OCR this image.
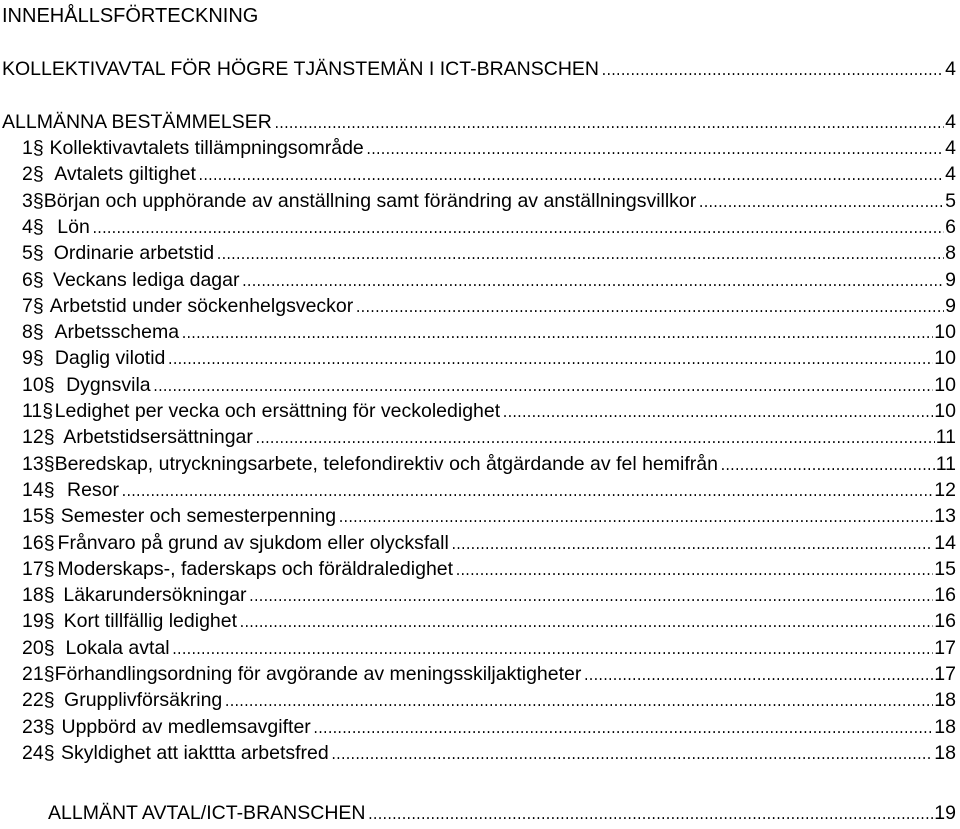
INNEHÅLLSFÖRTECKNING
KOLLEKTIVAVTAL FÖR HÖGRE TJÄNSTEMÄN I ICT-BRANSCHEN .....	4
ALLMÄNNA BESTÄMMELSER .....	4
1 § Kollektivavtalets tillämpningsområde .....	4
2 § Avtalets giltighet .....	4
3 § Början och upphörande av anställning samt förändring av anställningsvillkor .....	5
4 § Lön .....	6
5 § Ordinarie arbetstid .....	8
6 § Veckans lediga dagar .....	9
7 § Arbetstid under söckenhelgsveckor .....	9
8 § Arbetsschema .....	10
9 § Daglig vilotid .....	10
10 § Dygnsvila .....	10
11 § Ledighet per vecka och ersättning för veckoledighet .....	10
12 § Arbetstidsersättningar .....	11
13 § Beredskap, utryckningsarbete, telefondirektiv och åtgärdande av fel hemifrån .....	11
14 § Resor .....	12
15 § Semester och semesterpenning .....	13
16 § Frånvaro på grund av sjukdom eller olycksfall .....	14
17 § Moderskaps-, faderskaps och föräldraledighet .....	15
18 § Läkarundersökningar .....	16
19 § Kort tillfällig ledighet .....	16
20 § Lokala avtal .....	17
21 § Förhandlingsordning för avgörande av meningsskiljaktigheter .....	17
22 § Grupplivförsäkring .....	18
23 § Uppbörd av medlemsavgifter .....	18
24 § Skyldighet att iakttta arbetsfred .....	18
ALLMÄNT AVTAL/ICT-BRANSCHEN .....	19
